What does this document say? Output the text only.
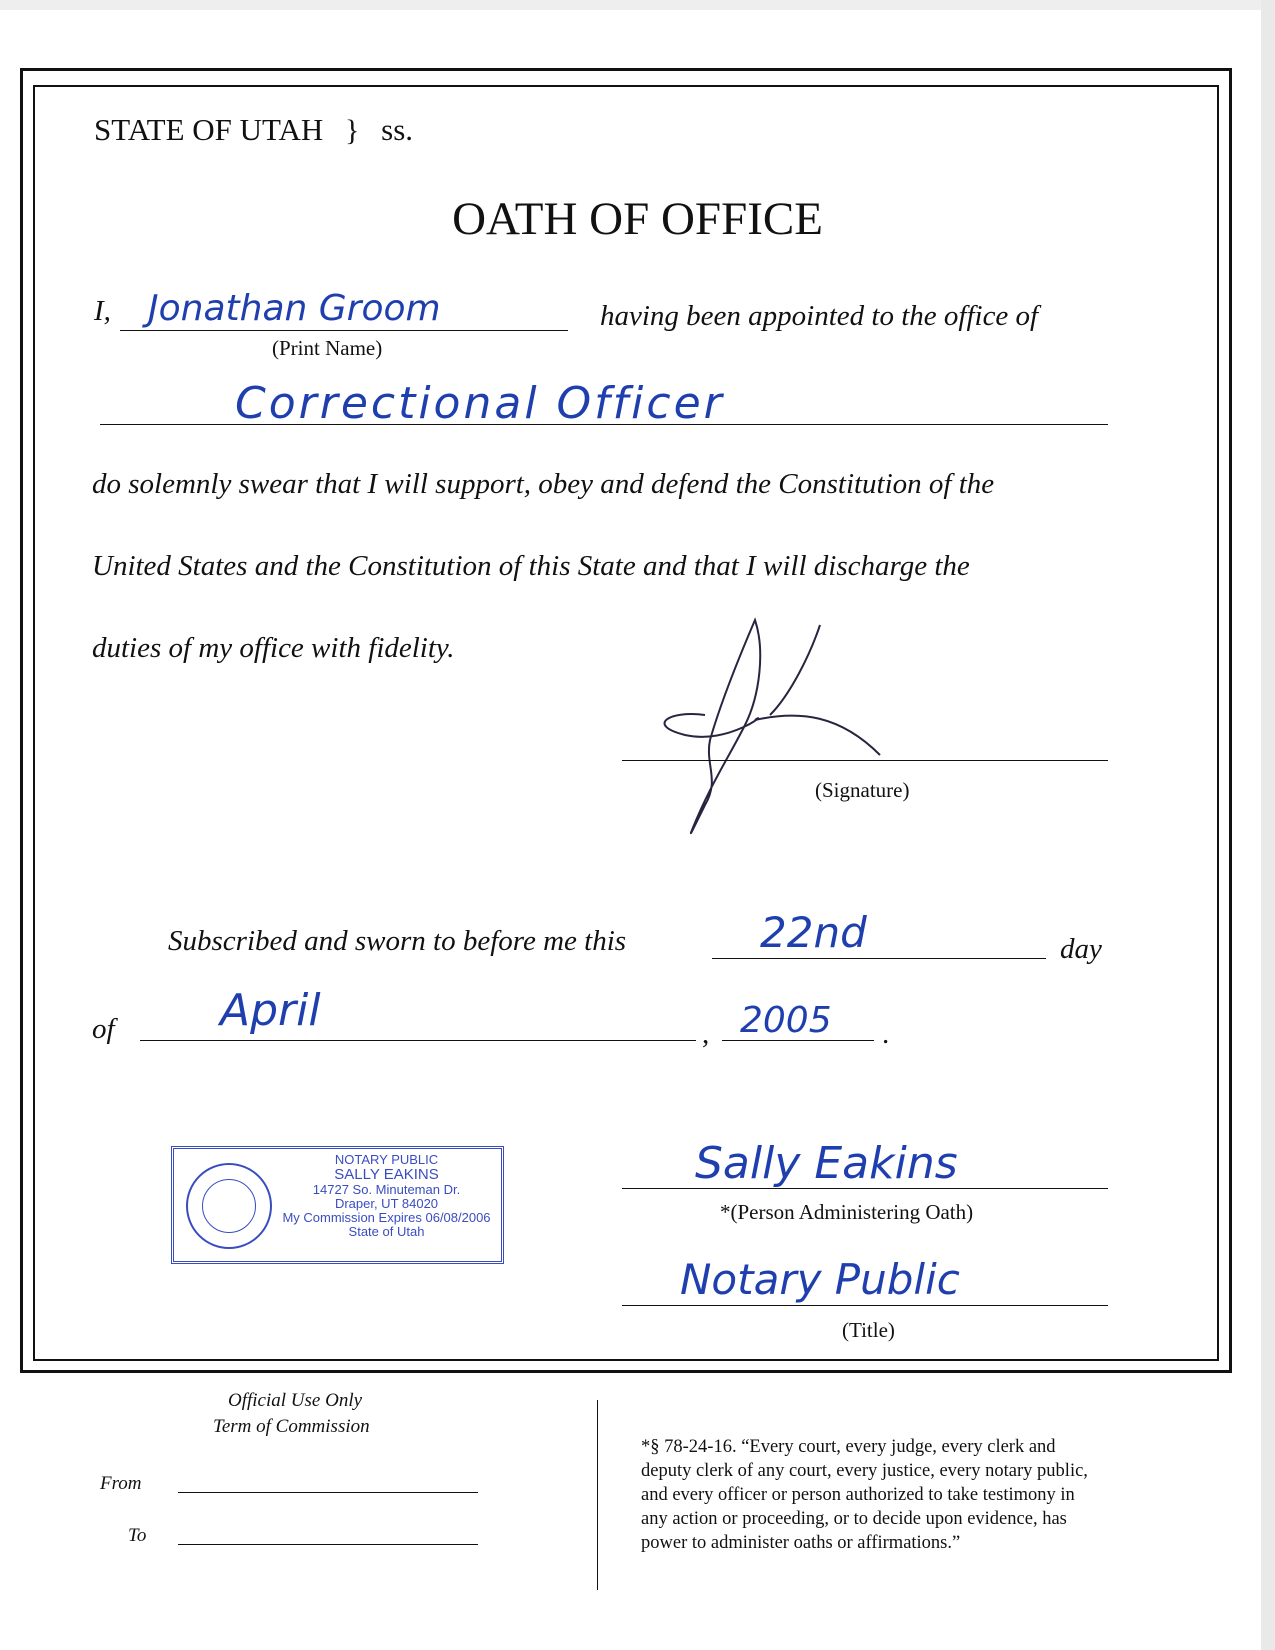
STATE OF UTAH } ss.
OATH OF OFFICE
I, Jonathan Groom
(Print Name)
having been appointed to the office of
Correctional Officer
do solemnly swear that I will support, obey and defend the Constitution of the
United States and the Constitution of this State and that I will discharge the
duties of my office with fidelity.
(Signature)
Subscribed and sworn to before me this	22nd	day
of April	, 2005 .
NOTARY PUBLIC
SALLY EAKINS
14727 So. Minuteman Dr.
Draper, UT 84020
My Commission Expires 06/08/2006
State of Utah
Sally Eakins
*(Person Administering Oath)
Notary Public
(Title)
Official Use Only
Term of Commission
From
To
*§ 78-24-16. “Every court, every judge, every clerk and
deputy clerk of any court, every justice, every notary public,
and every officer or person authorized to take testimony in
any action or proceeding, or to decide upon evidence, has
power to administer oaths or affirmations.”
